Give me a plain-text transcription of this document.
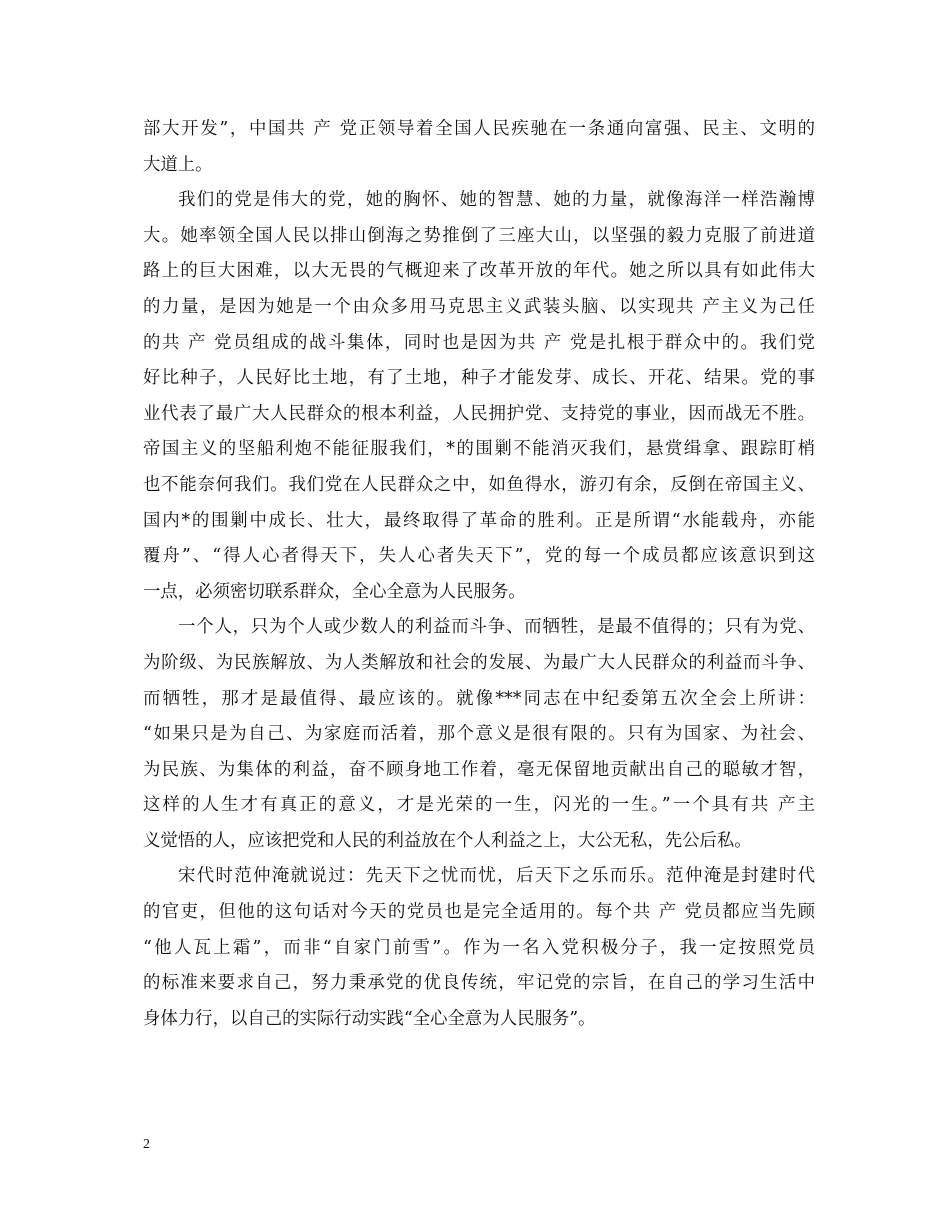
部大开发”，中国共 产 党正领导着全国人民疾驰在一条通向富强、民主、文明的
大道上。
我们的党是伟大的党，她的胸怀、她的智慧、她的力量，就像海洋一样浩瀚博
大。她率领全国人民以排山倒海之势推倒了三座大山，以坚强的毅力克服了前进道
路上的巨大困难，以大无畏的气概迎来了改革开放的年代。她之所以具有如此伟大
的力量，是因为她是一个由众多用马克思主义武装头脑、以实现共 产主义为己任
的共 产 党员组成的战斗集体，同时也是因为共 产 党是扎根于群众中的。我们党
好比种子，人民好比土地，有了土地，种子才能发芽、成长、开花、结果。党的事
业代表了最广大人民群众的根本利益，人民拥护党、支持党的事业，因而战无不胜。
帝国主义的坚船利炮不能征服我们，*的围剿不能消灭我们，悬赏缉拿、跟踪盯梢
也不能奈何我们。我们党在人民群众之中，如鱼得水，游刃有余，反倒在帝国主义、
国内*的围剿中成长、壮大，最终取得了革命的胜利。正是所谓“水能载舟，亦能
覆舟”、“得人心者得天下，失人心者失天下”，党的每一个成员都应该意识到这
一点，必须密切联系群众，全心全意为人民服务。
一个人，只为个人或少数人的利益而斗争、而牺牲，是最不值得的；只有为党、
为阶级、为民族解放、为人类解放和社会的发展、为最广大人民群众的利益而斗争、
而牺牲，那才是最值得、最应该的。就像***同志在中纪委第五次全会上所讲：
“如果只是为自己、为家庭而活着，那个意义是很有限的。只有为国家、为社会、
为民族、为集体的利益，奋不顾身地工作着，毫无保留地贡献出自己的聪敏才智，
这样的人生才有真正的意义，才是光荣的一生，闪光的一生。”一个具有共 产主
义觉悟的人，应该把党和人民的利益放在个人利益之上，大公无私，先公后私。
宋代时范仲淹就说过：先天下之忧而忧，后天下之乐而乐。范仲淹是封建时代
的官吏，但他的这句话对今天的党员也是完全适用的。每个共 产 党员都应当先顾
“他人瓦上霜”，而非“自家门前雪”。作为一名入党积极分子，我一定按照党员
的标准来要求自己，努力秉承党的优良传统，牢记党的宗旨，在自己的学习生活中
身体力行，以自己的实际行动实践“全心全意为人民服务”。
2
